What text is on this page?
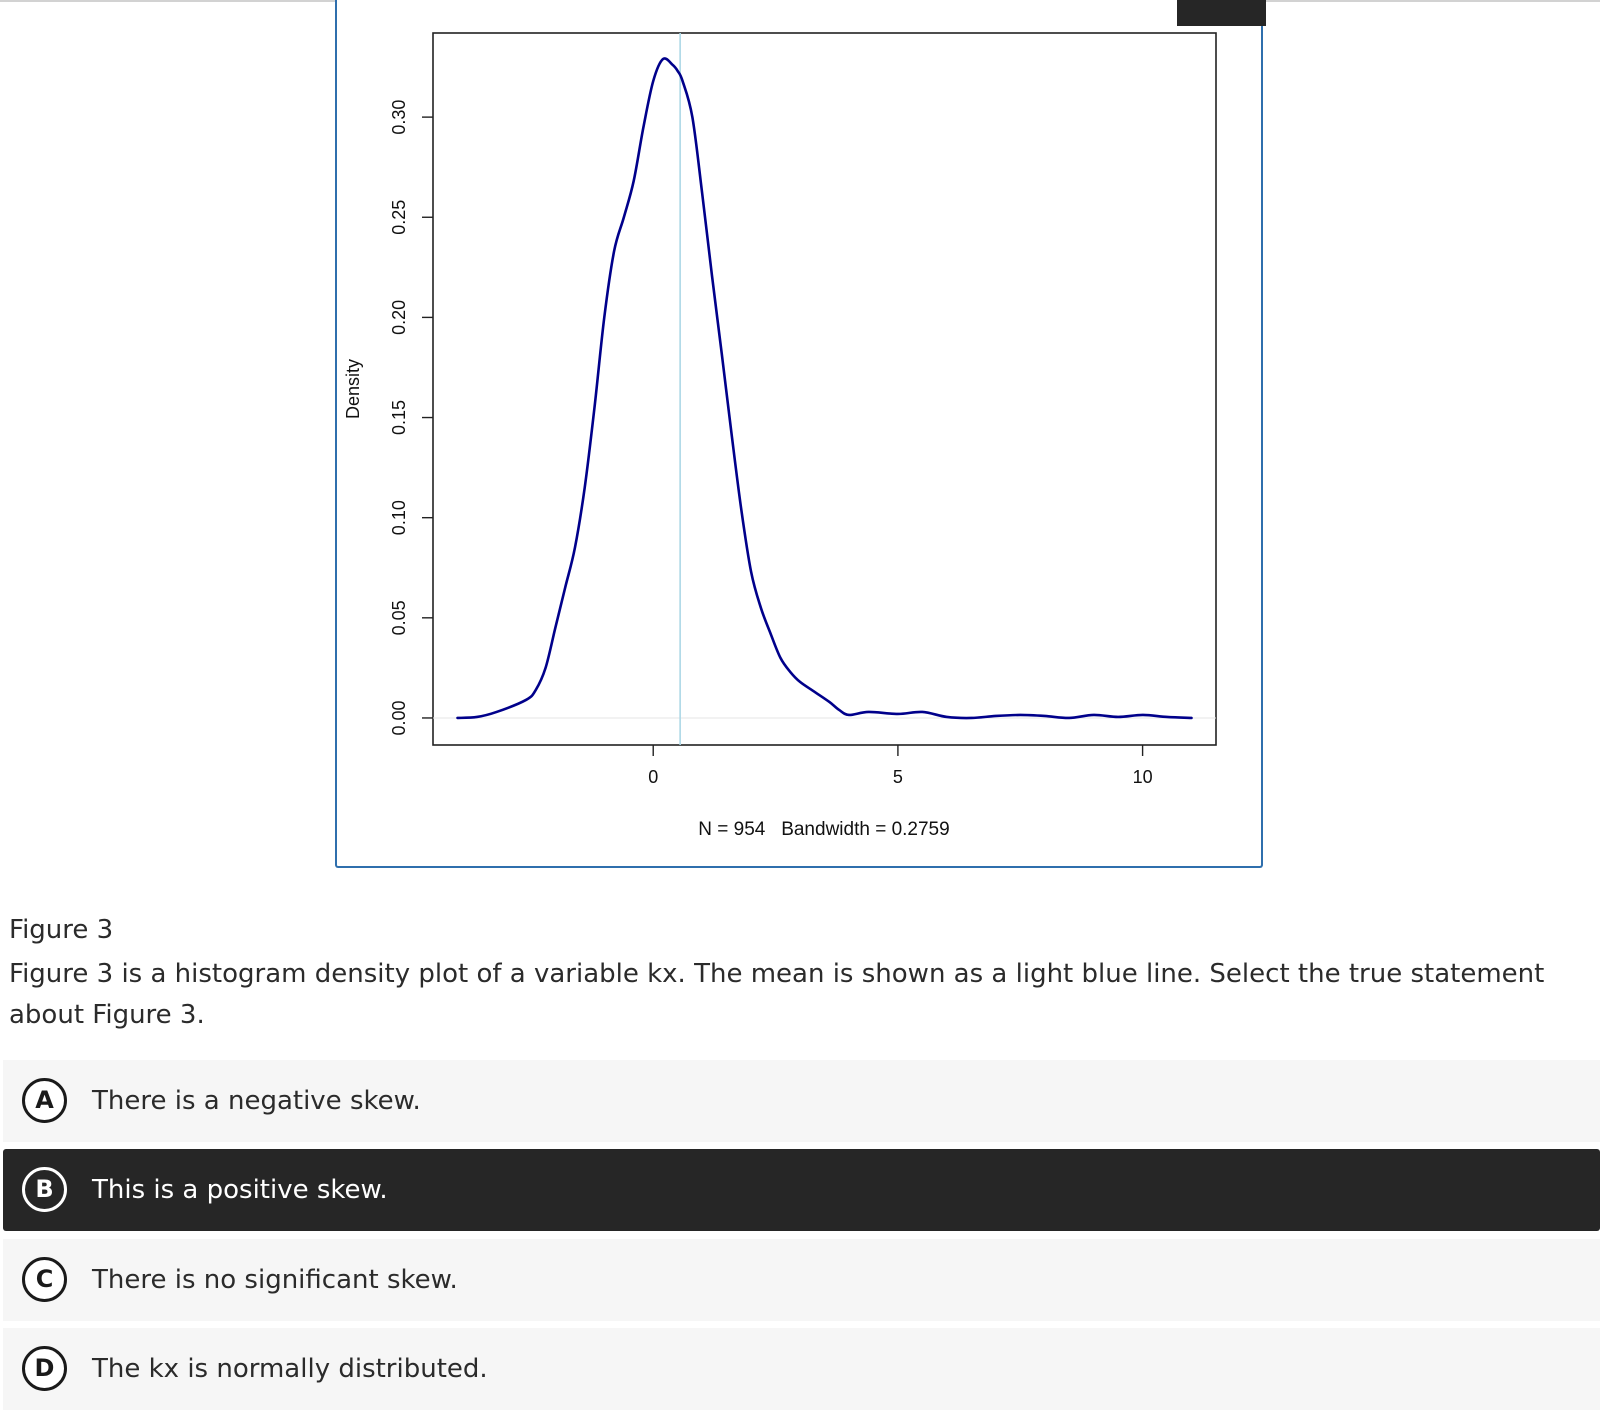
0.00
0.05
0.10
0.15
0.20
0.25
0.30
0	5	10
Density
N = 954   Bandwidth = 0.2759
Figure 3
Figure 3 is a histogram density plot of a variable kx. The mean is shown as a light blue line. Select the true statement about Figure 3.
A	There is a negative skew.
B	This is a positive skew.
C	There is no significant skew.
D	The kx is normally distributed.
